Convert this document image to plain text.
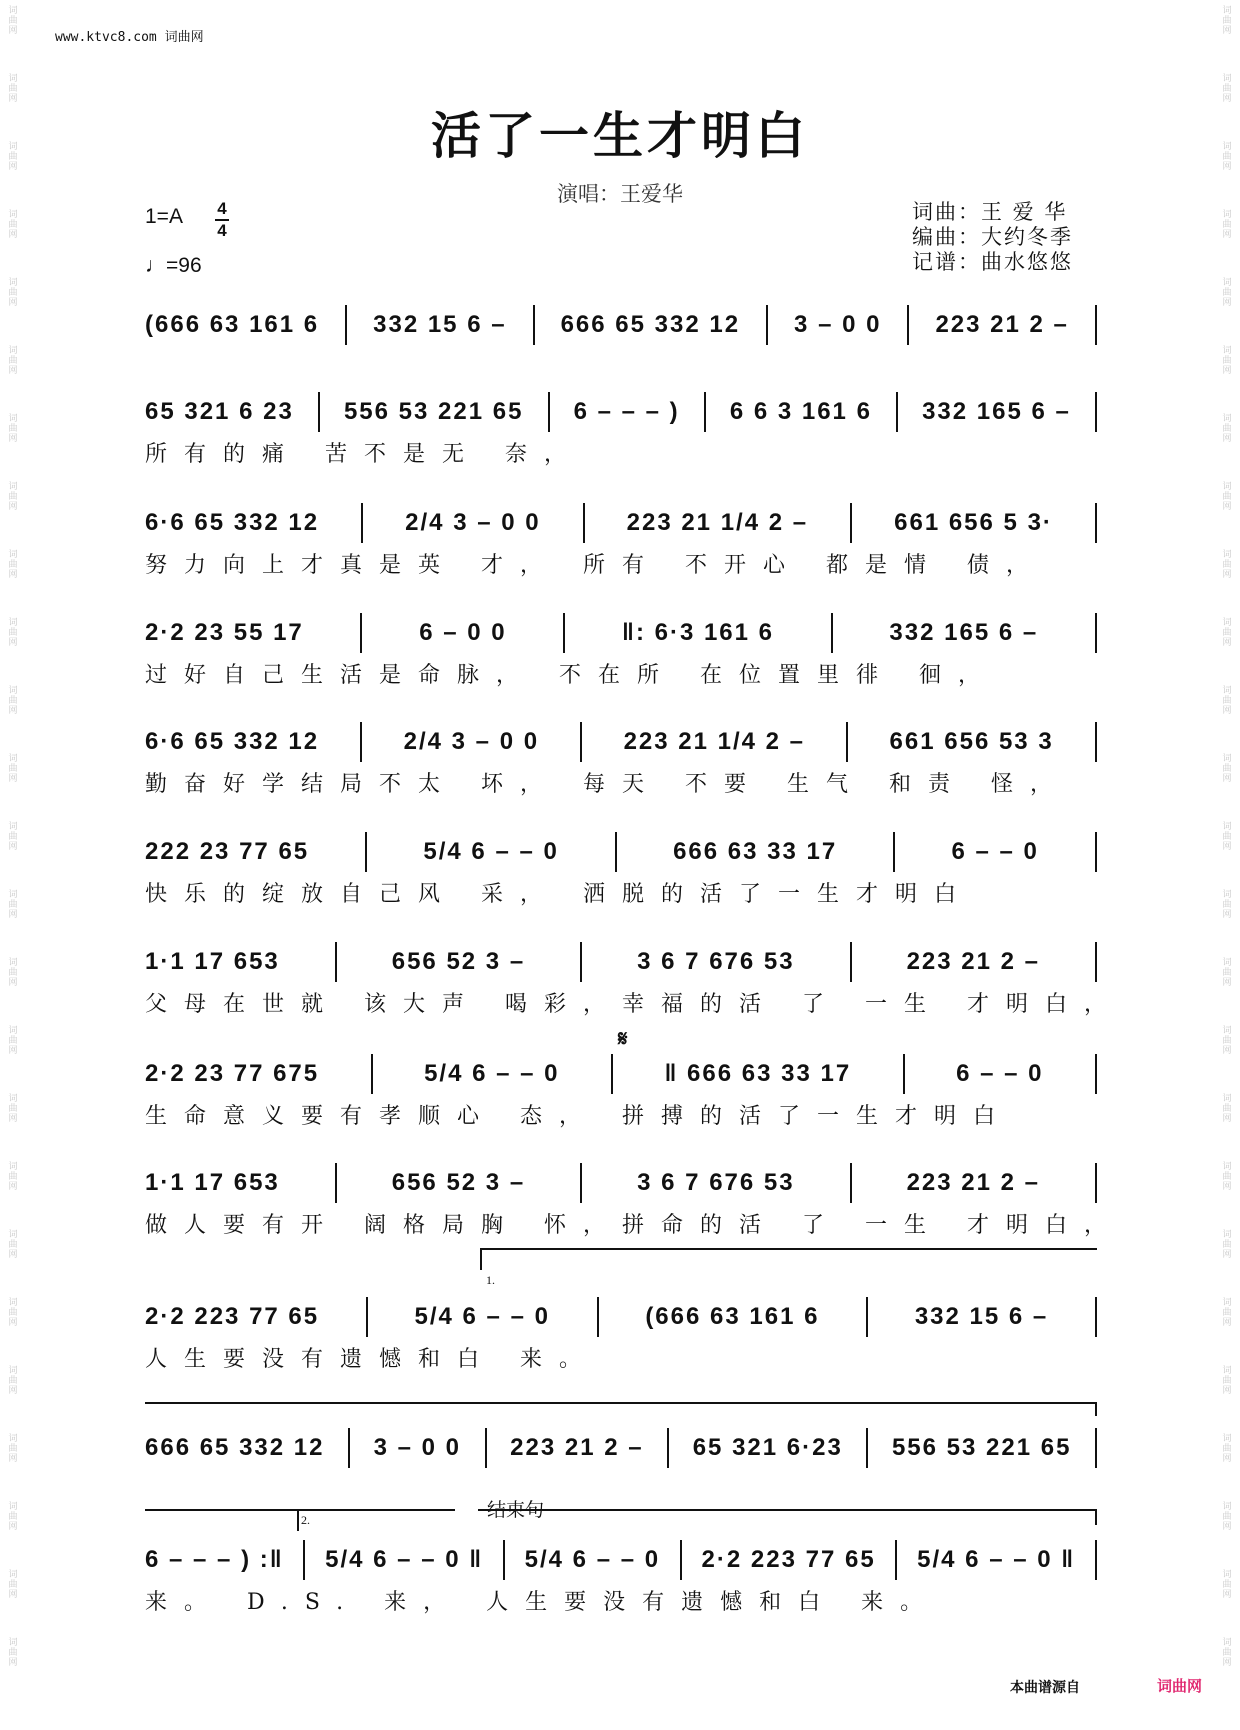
词
曲
网
词
曲
网
词
曲
网
词
曲
网
词
曲
网
词
曲
网
词
曲
网
词
曲
网
词
曲
网
词
曲
网
词
曲
网
词
曲
网
词
曲
网
词
曲
网
词
曲
网
词
曲
网
词
曲
网
词
曲
网
词
曲
网
词
曲
网
词
曲
网
词
曲
网
词
曲
网
词
曲
网
词
曲
网
词
曲
网
词
曲
网
词
曲
网
词
曲
网
词
曲
网
词
曲
网
词
曲
网
词
曲
网
词
曲
网
词
曲
网
词
曲
网
词
曲
网
词
曲
网
词
曲
网
词
曲
网
词
曲
网
词
曲
网
词
曲
网
词
曲
网
词
曲
网
词
曲
网
词
曲
网
词
曲
网
词
曲
网
词
曲
网
www.ktvc8.com 词曲网
活了一生才明白
演唱：王爱华
1=A 4
4
♩=96
词曲：王 爱 华
编曲：大约冬季
记谱：曲水悠悠
(666 63 161 6 332 15 6 – 666 65 332 12 3 – 0 0 223 21 2 –
65 321 6 23 556 53 221 65 6 – – – ) 6 6 3 161 6 332 165 6 –
所有的痛 苦不是无 奈，
6·6 65 332 12	2/4 3 – 0 0	223 21 1/4 2 –	661 656 5 3·
努力向上才真是英 才， 所有 不开心 都是情 债，
2·2 23 55 17	6 – 0 0	‖: 6·3 161 6	332 165 6 –
过好自己生活是命脉， 不在所 在位置里徘 徊，
6·6 65 332 12	2/4 3 – 0 0	223 21 1/4 2 –	661 656 53 3
勤奋好学结局不太 坏， 每天 不要 生气 和责 怪，
222 23 77 65	5/4 6 – – 0	666 63 33 17	6 – – 0
快乐的绽放自己风 采， 洒脱的活了一生才明白
1·1 17 653	656 52 3 –	3 6 7 676 53	223 21 2 –
父母在世就 该大声 喝彩，幸福的活 了 一生 才明白，
2·2 23 77 675	5/4 6 – – 0	‖ 666 63 33 17	6 – – 0
生命意义要有孝顺心 态， 拼搏的活了一生才明白
1·1 17 653	656 52 3 –	3 6 7 676 53	223 21 2 –
做人要有开 阔格局胸 怀，拼命的活 了 一生 才明白，
2·2 223 77 65	5/4 6 – – 0	(666 63 161 6	332 15 6 –
人生要没有遗憾和白 来。
666 65 332 12 3 – 0 0 223 21 2 – 65 321 6·23 556 53 221 65
6 – – – ) :‖ 5/4 6 – – 0 ‖ 5/4 6 – – 0 2·2 223 77 65 5/4 6 – – 0 ‖
来。 D.S. 来， 人生要没有遗憾和白 来。
1.
2.	结束句
𝄋
本曲谱源自	词曲网
